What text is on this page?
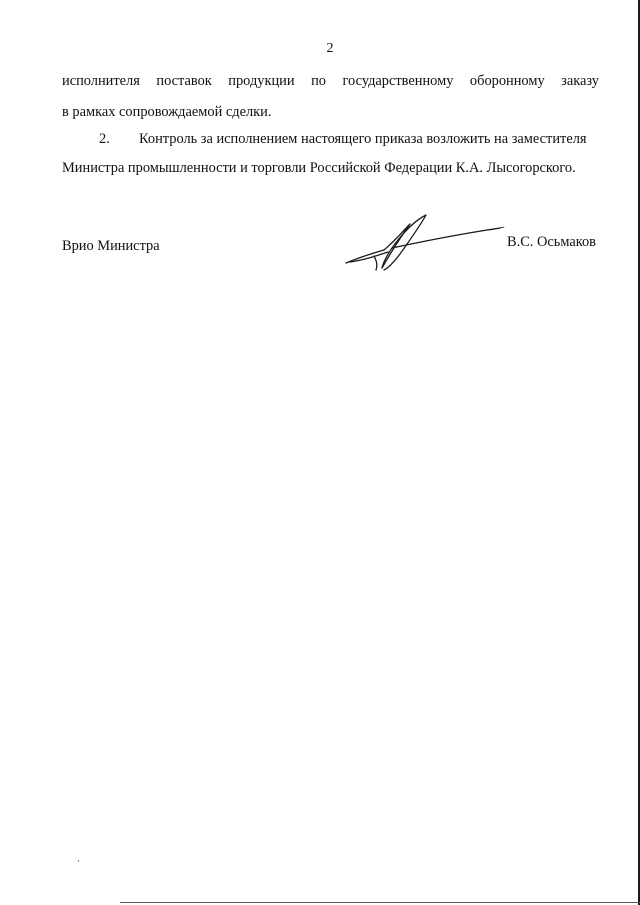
2
исполнителя поставок продукции по государственному оборонному заказу
в рамках сопровождаемой сделки.
2. Контроль за исполнением настоящего приказа возложить на заместителя
Министра промышленности и торговли Российской Федерации К.А. Лысогорского.
Врио Министра	В.С. Осьмаков
